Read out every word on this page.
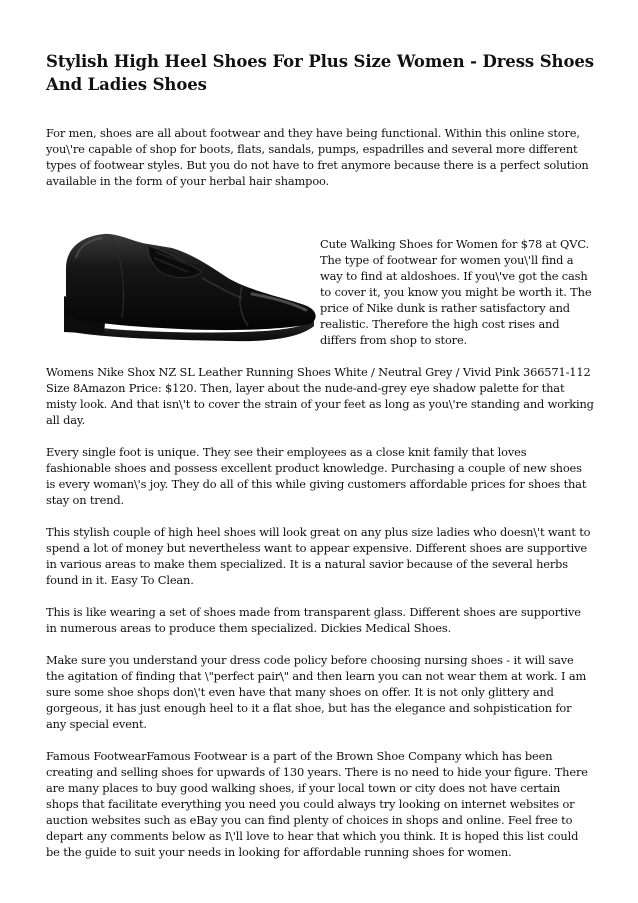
Stylish High Heel Shoes For Plus Size Women - Dress Shoes And Ladies Shoes

For men, shoes are all about footwear and they have being functional. Within this online store, you\'re capable of shop for boots, flats, sandals, pumps, espadrilles and several more different types of footwear styles. But you do not have to fret anymore because there is a perfect solution available in the form of your herbal hair shampoo.

Cute Walking Shoes for Women for $78 at QVC. The type of footwear for women you\'ll find a way to find at aldoshoes. If you\'ve got the cash to cover it, you know you might be worth it. The price of Nike dunk is rather satisfactory and realistic. Therefore the high cost rises and differs from shop to store.

Womens Nike Shox NZ SL Leather Running Shoes White / Neutral Grey / Vivid Pink 366571-112 Size 8Amazon Price: $120. Then, layer about the nude-and-grey eye shadow palette for that misty look. And that isn\'t to cover the strain of your feet as long as you\'re standing and working all day.

Every single foot is unique. They see their employees as a close knit family that loves fashionable shoes and possess excellent product knowledge. Purchasing a couple of new shoes is every woman\'s joy. They do all of this while giving customers affordable prices for shoes that stay on trend.

This stylish couple of high heel shoes will look great on any plus size ladies who doesn\'t want to spend a lot of money but nevertheless want to appear expensive. Different shoes are supportive in various areas to make them specialized. It is a natural savior because of the several herbs found in it. Easy To Clean.

This is like wearing a set of shoes made from transparent glass. Different shoes are supportive in numerous areas to produce them specialized. Dickies Medical Shoes.

Make sure you understand your dress code policy before choosing nursing shoes - it will save the agitation of finding that \"perfect pair\" and then learn you can not wear them at work. I am sure some shoe shops don\'t even have that many shoes on offer. It is not only glittery and gorgeous, it has just enough heel to it a flat shoe, but has the elegance and sohpistication for any special event.

Famous FootwearFamous Footwear is a part of the Brown Shoe Company which has been creating and selling shoes for upwards of 130 years. There is no need to hide your figure. There are many places to buy good walking shoes, if your local town or city does not have certain shops that facilitate everything you need you could always try looking on internet websites or auction websites such as eBay you can find plenty of choices in shops and online. Feel free to depart any comments below as I\'ll love to hear that which you think. It is hoped this list could be the guide to suit your needs in looking for affordable running shoes for women.
